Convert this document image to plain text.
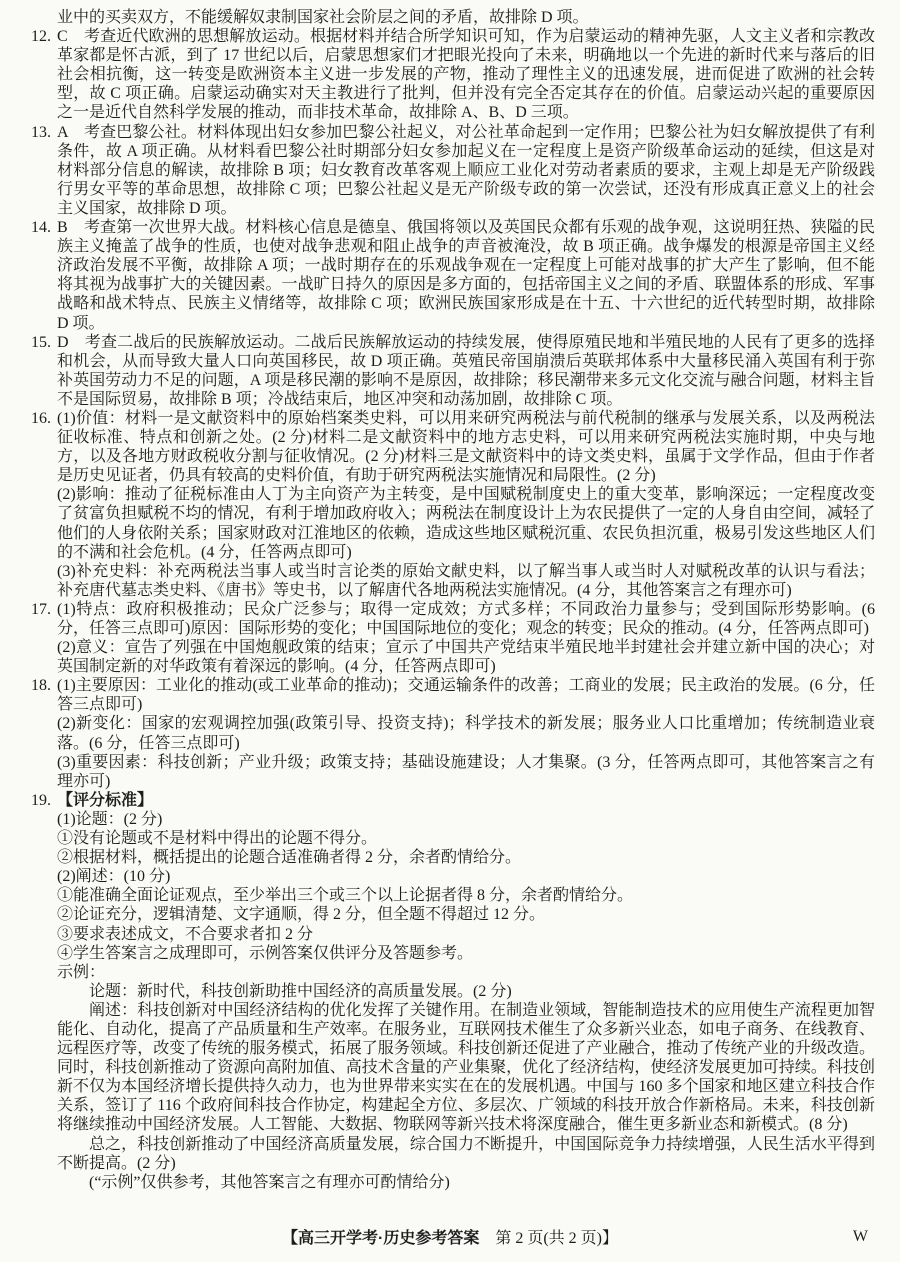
业中的买卖双方，不能缓解奴隶制国家社会阶层之间的矛盾，故排除 D 项。

12. C　考查近代欧洲的思想解放运动。根据材料并结合所学知识可知，作为启蒙运动的精神先驱，人文主义者和宗教改革家都是怀古派，到了 17 世纪以后，启蒙思想家们才把眼光投向了未来，明确地以一个先进的新时代来与落后的旧社会相抗衡，这一转变是欧洲资本主义进一步发展的产物，推动了理性主义的迅速发展，进而促进了欧洲的社会转型，故 C 项正确。启蒙运动确实对天主教进行了批判，但并没有完全否定其存在的价值。启蒙运动兴起的重要原因之一是近代自然科学发展的推动，而非技术革命，故排除 A、B、D 三项。

13. A　考查巴黎公社。材料体现出妇女参加巴黎公社起义，对公社革命起到一定作用；巴黎公社为妇女解放提供了有利条件，故 A 项正确。从材料看巴黎公社时期部分妇女参加起义在一定程度上是资产阶级革命运动的延续，但这是对材料部分信息的解读，故排除 B 项；妇女教育改革客观上顺应工业化对劳动者素质的要求，主观上却是无产阶级践行男女平等的革命思想，故排除 C 项；巴黎公社起义是无产阶级专政的第一次尝试，还没有形成真正意义上的社会主义国家，故排除 D 项。

14. B　考查第一次世界大战。材料核心信息是德皇、俄国将领以及英国民众都有乐观的战争观，这说明狂热、狭隘的民族主义掩盖了战争的性质，也使对战争悲观和阻止战争的声音被淹没，故 B 项正确。战争爆发的根源是帝国主义经济政治发展不平衡，故排除 A 项；一战时期存在的乐观战争观在一定程度上可能对战事的扩大产生了影响，但不能将其视为战事扩大的关键因素。一战旷日持久的原因是多方面的，包括帝国主义之间的矛盾、联盟体系的形成、军事战略和战术特点、民族主义情绪等，故排除 C 项；欧洲民族国家形成是在十五、十六世纪的近代转型时期，故排除 D 项。

15. D　考查二战后的民族解放运动。二战后民族解放运动的持续发展，使得原殖民地和半殖民地的人民有了更多的选择和机会，从而导致大量人口向英国移民，故 D 项正确。英殖民帝国崩溃后英联邦体系中大量移民涌入英国有利于弥补英国劳动力不足的问题，A 项是移民潮的影响不是原因，故排除；移民潮带来多元文化交流与融合问题，材料主旨不是国际贸易，故排除 B 项；冷战结束后，地区冲突和动荡加剧，故排除 C 项。

16. (1)价值：材料一是文献资料中的原始档案类史料，可以用来研究两税法与前代税制的继承与发展关系，以及两税法征收标准、特点和创新之处。(2 分)材料二是文献资料中的地方志史料，可以用来研究两税法实施时期，中央与地方，以及各地方财政税收分割与征收情况。(2 分)材料三是文献资料中的诗文类史料，虽属于文学作品，但由于作者是历史见证者，仍具有较高的史料价值，有助于研究两税法实施情况和局限性。(2 分)

(2)影响：推动了征税标准由人丁为主向资产为主转变，是中国赋税制度史上的重大变革，影响深远；一定程度改变了贫富负担赋税不均的情况，有利于增加政府收入；两税法在制度设计上为农民提供了一定的人身自由空间，减轻了他们的人身依附关系；国家财政对江淮地区的依赖，造成这些地区赋税沉重、农民负担沉重，极易引发这些地区人们的不满和社会危机。(4 分，任答两点即可)

(3)补充史料：补充两税法当事人或当时言论类的原始文献史料，以了解当事人或当时人对赋税改革的认识与看法；补充唐代墓志类史料、《唐书》等史书，以了解唐代各地两税法实施情况。(4 分，其他答案言之有理亦可)

17. (1)特点：政府积极推动；民众广泛参与；取得一定成效；方式多样；不同政治力量参与；受到国际形势影响。(6 分，任答三点即可)原因：国际形势的变化；中国国际地位的变化；观念的转变；民众的推动。(4 分，任答两点即可)

(2)意义：宣告了列强在中国炮舰政策的结束；宣示了中国共产党结束半殖民地半封建社会并建立新中国的决心；对英国制定新的对华政策有着深远的影响。(4 分，任答两点即可)

18. (1)主要原因：工业化的推动(或工业革命的推动)；交通运输条件的改善；工商业的发展；民主政治的发展。(6 分，任答三点即可)

(2)新变化：国家的宏观调控加强(政策引导、投资支持)；科学技术的新发展；服务业人口比重增加；传统制造业衰落。(6 分，任答三点即可)

(3)重要因素：科技创新；产业升级；政策支持；基础设施建设；人才集聚。(3 分，任答两点即可，其他答案言之有理亦可)

19. 【评分标准】

(1)论题：(2 分)

①没有论题或不是材料中得出的论题不得分。

②根据材料，概括提出的论题合适准确者得 2 分，余者酌情给分。

(2)阐述：(10 分)

①能准确全面论证观点，至少举出三个或三个以上论据者得 8 分，余者酌情给分。

②论证充分，逻辑清楚、文字通顺，得 2 分，但全题不得超过 12 分。

③要求表述成文，不合要求者扣 2 分

④学生答案言之成理即可，示例答案仅供评分及答题参考。

示例：

论题：新时代，科技创新助推中国经济的高质量发展。(2 分)

阐述：科技创新对中国经济结构的优化发挥了关键作用。在制造业领域，智能制造技术的应用使生产流程更加智能化、自动化，提高了产品质量和生产效率。在服务业，互联网技术催生了众多新兴业态，如电子商务、在线教育、远程医疗等，改变了传统的服务模式，拓展了服务领域。科技创新还促进了产业融合，推动了传统产业的升级改造。同时，科技创新推动了资源向高附加值、高技术含量的产业集聚，优化了经济结构，使经济发展更加可持续。科技创新不仅为本国经济增长提供持久动力，也为世界带来实实在在的发展机遇。中国与 160 多个国家和地区建立科技合作关系，签订了 116 个政府间科技合作协定，构建起全方位、多层次、广领域的科技开放合作新格局。未来，科技创新将继续推动中国经济发展。人工智能、大数据、物联网等新兴技术将深度融合，催生更多新业态和新模式。(8 分)

总之，科技创新推动了中国经济高质量发展，综合国力不断提升，中国国际竞争力持续增强，人民生活水平得到不断提高。(2 分)

(“示例”仅供参考，其他答案言之有理亦可酌情给分)

【高三开学考·历史参考答案　第 2 页(共 2 页)】	W
